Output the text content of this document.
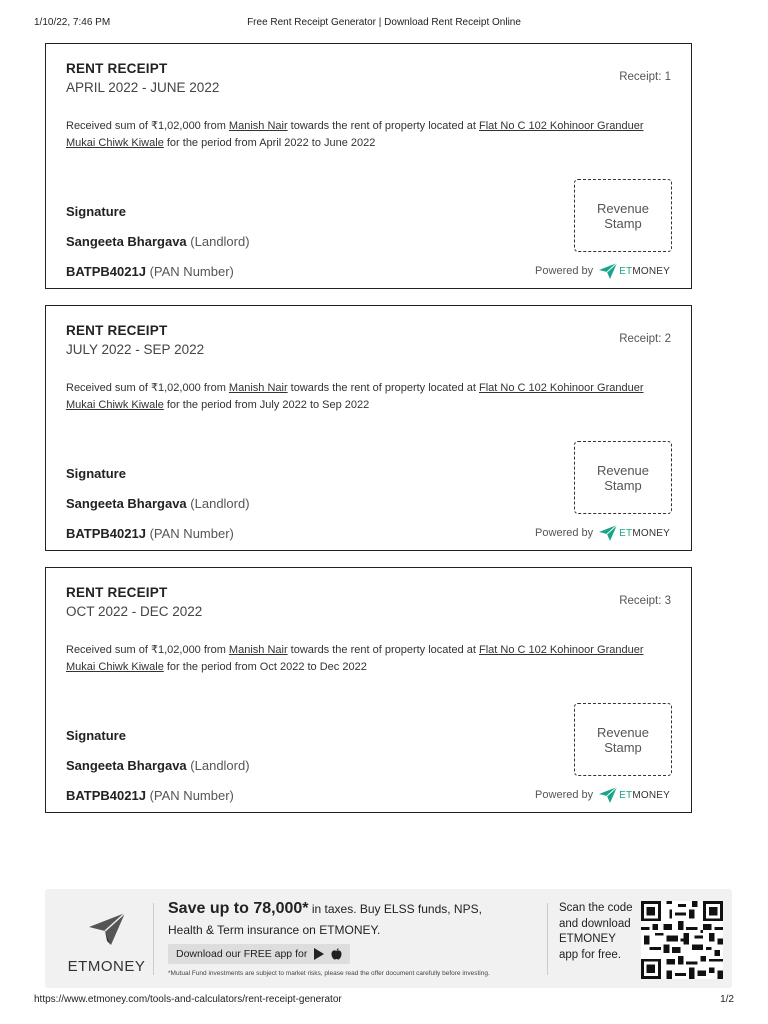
1/10/22, 7:46 PM	Free Rent Receipt Generator | Download Rent Receipt Online
RENT RECEIPT
APRIL 2022 - JUNE 2022
Receipt: 1
Received sum of ₹1,02,000 from Manish Nair towards the rent of property located at Flat No C 102 Kohinoor Granduer Mukai Chiwk Kiwale for the period from April 2022 to June 2022
Signature
Sangeeta Bhargava (Landlord)
BATPB4021J (PAN Number)
Revenue Stamp
Powered by	ETMONEY
RENT RECEIPT
JULY 2022 - SEP 2022
Receipt: 2
Received sum of ₹1,02,000 from Manish Nair towards the rent of property located at Flat No C 102 Kohinoor Granduer Mukai Chiwk Kiwale for the period from July 2022 to Sep 2022
Signature
Sangeeta Bhargava (Landlord)
BATPB4021J (PAN Number)
Revenue Stamp
Powered by	ETMONEY
RENT RECEIPT
OCT 2022 - DEC 2022
Receipt: 3
Received sum of ₹1,02,000 from Manish Nair towards the rent of property located at Flat No C 102 Kohinoor Granduer Mukai Chiwk Kiwale for the period from Oct 2022 to Dec 2022
Signature
Sangeeta Bhargava (Landlord)
BATPB4021J (PAN Number)
Revenue Stamp
Powered by	ETMONEY
ETMONEY
Save up to 78,000* in taxes. Buy ELSS funds, NPS,
Health & Term insurance on ETMONEY.
Download our FREE app for
*Mutual Fund investments are subject to market risks, please read the offer document carefully before investing.
Scan the code and download ETMONEY app for free.
https://www.etmoney.com/tools-and-calculators/rent-receipt-generator	1/2
